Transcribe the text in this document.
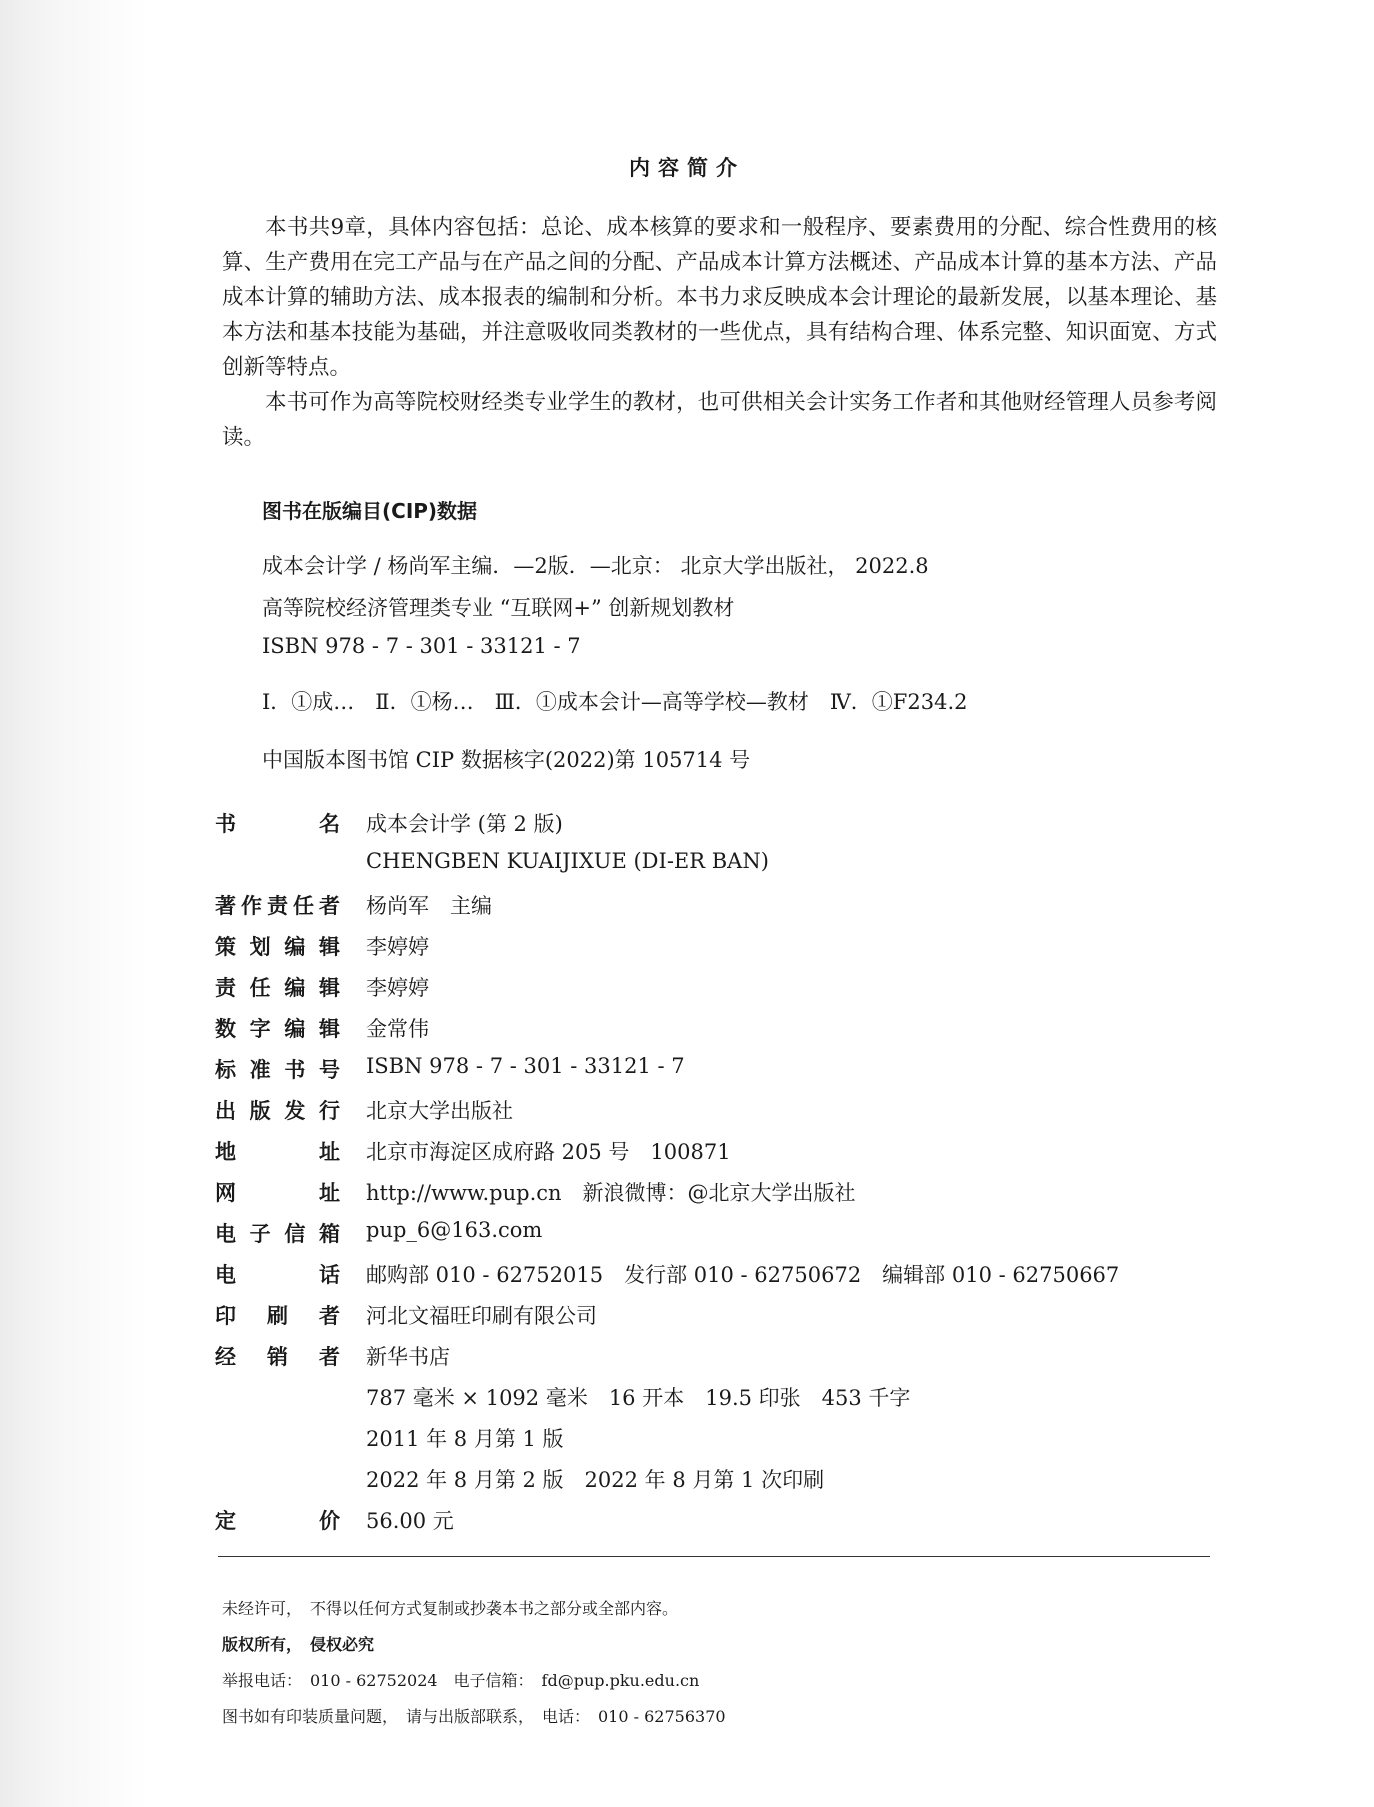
内容简介

本书共9章，具体内容包括：总论、成本核算的要求和一般程序、要素费用的分配、综合性费用的核算、生产费用在完工产品与在产品之间的分配、产品成本计算方法概述、产品成本计算的基本方法、产品成本计算的辅助方法、成本报表的编制和分析。本书力求反映成本会计理论的最新发展，以基本理论、基本方法和基本技能为基础，并注意吸收同类教材的一些优点，具有结构合理、体系完整、知识面宽、方式创新等特点。

本书可作为高等院校财经类专业学生的教材，也可供相关会计实务工作者和其他财经管理人员参考阅读。

图书在版编目(CIP)数据
成本会计学 / 杨尚军主编．—2版．—北京： 北京大学出版社， 2022.8
高等院校经济管理类专业 “互联网+” 创新规划教材
ISBN 978 - 7 - 301 - 33121 - 7
Ⅰ．①成…　Ⅱ．①杨…　Ⅲ．①成本会计—高等学校—教材　Ⅳ．①F234.2
中国版本图书馆 CIP 数据核字(2022)第 105714 号
书名 成本会计学 (第 2 版)
CHENGBEN KUAIJIXUE (DI-ER BAN)
著作责任者 杨尚军　主编
策划编辑 李婷婷
责任编辑 李婷婷
数字编辑 金常伟
标准书号 ISBN 978 - 7 - 301 - 33121 - 7
出版发行 北京大学出版社
地址 北京市海淀区成府路 205 号　100871
网址 http://www.pup.cn　新浪微博：@北京大学出版社
电子信箱 pup_6@163.com
电话 邮购部 010 - 62752015　发行部 010 - 62750672　编辑部 010 - 62750667
印刷者 河北文福旺印刷有限公司
经销者 新华书店
787 毫米 × 1092 毫米　16 开本　19.5 印张　453 千字
2011 年 8 月第 1 版
2022 年 8 月第 2 版　2022 年 8 月第 1 次印刷
定价 56.00 元
未经许可，　不得以任何方式复制或抄袭本书之部分或全部内容。
版权所有，　侵权必究
举报电话：　010 - 62752024　电子信箱：　fd@pup.pku.edu.cn
图书如有印装质量问题，　请与出版部联系，　电话：　010 - 62756370
